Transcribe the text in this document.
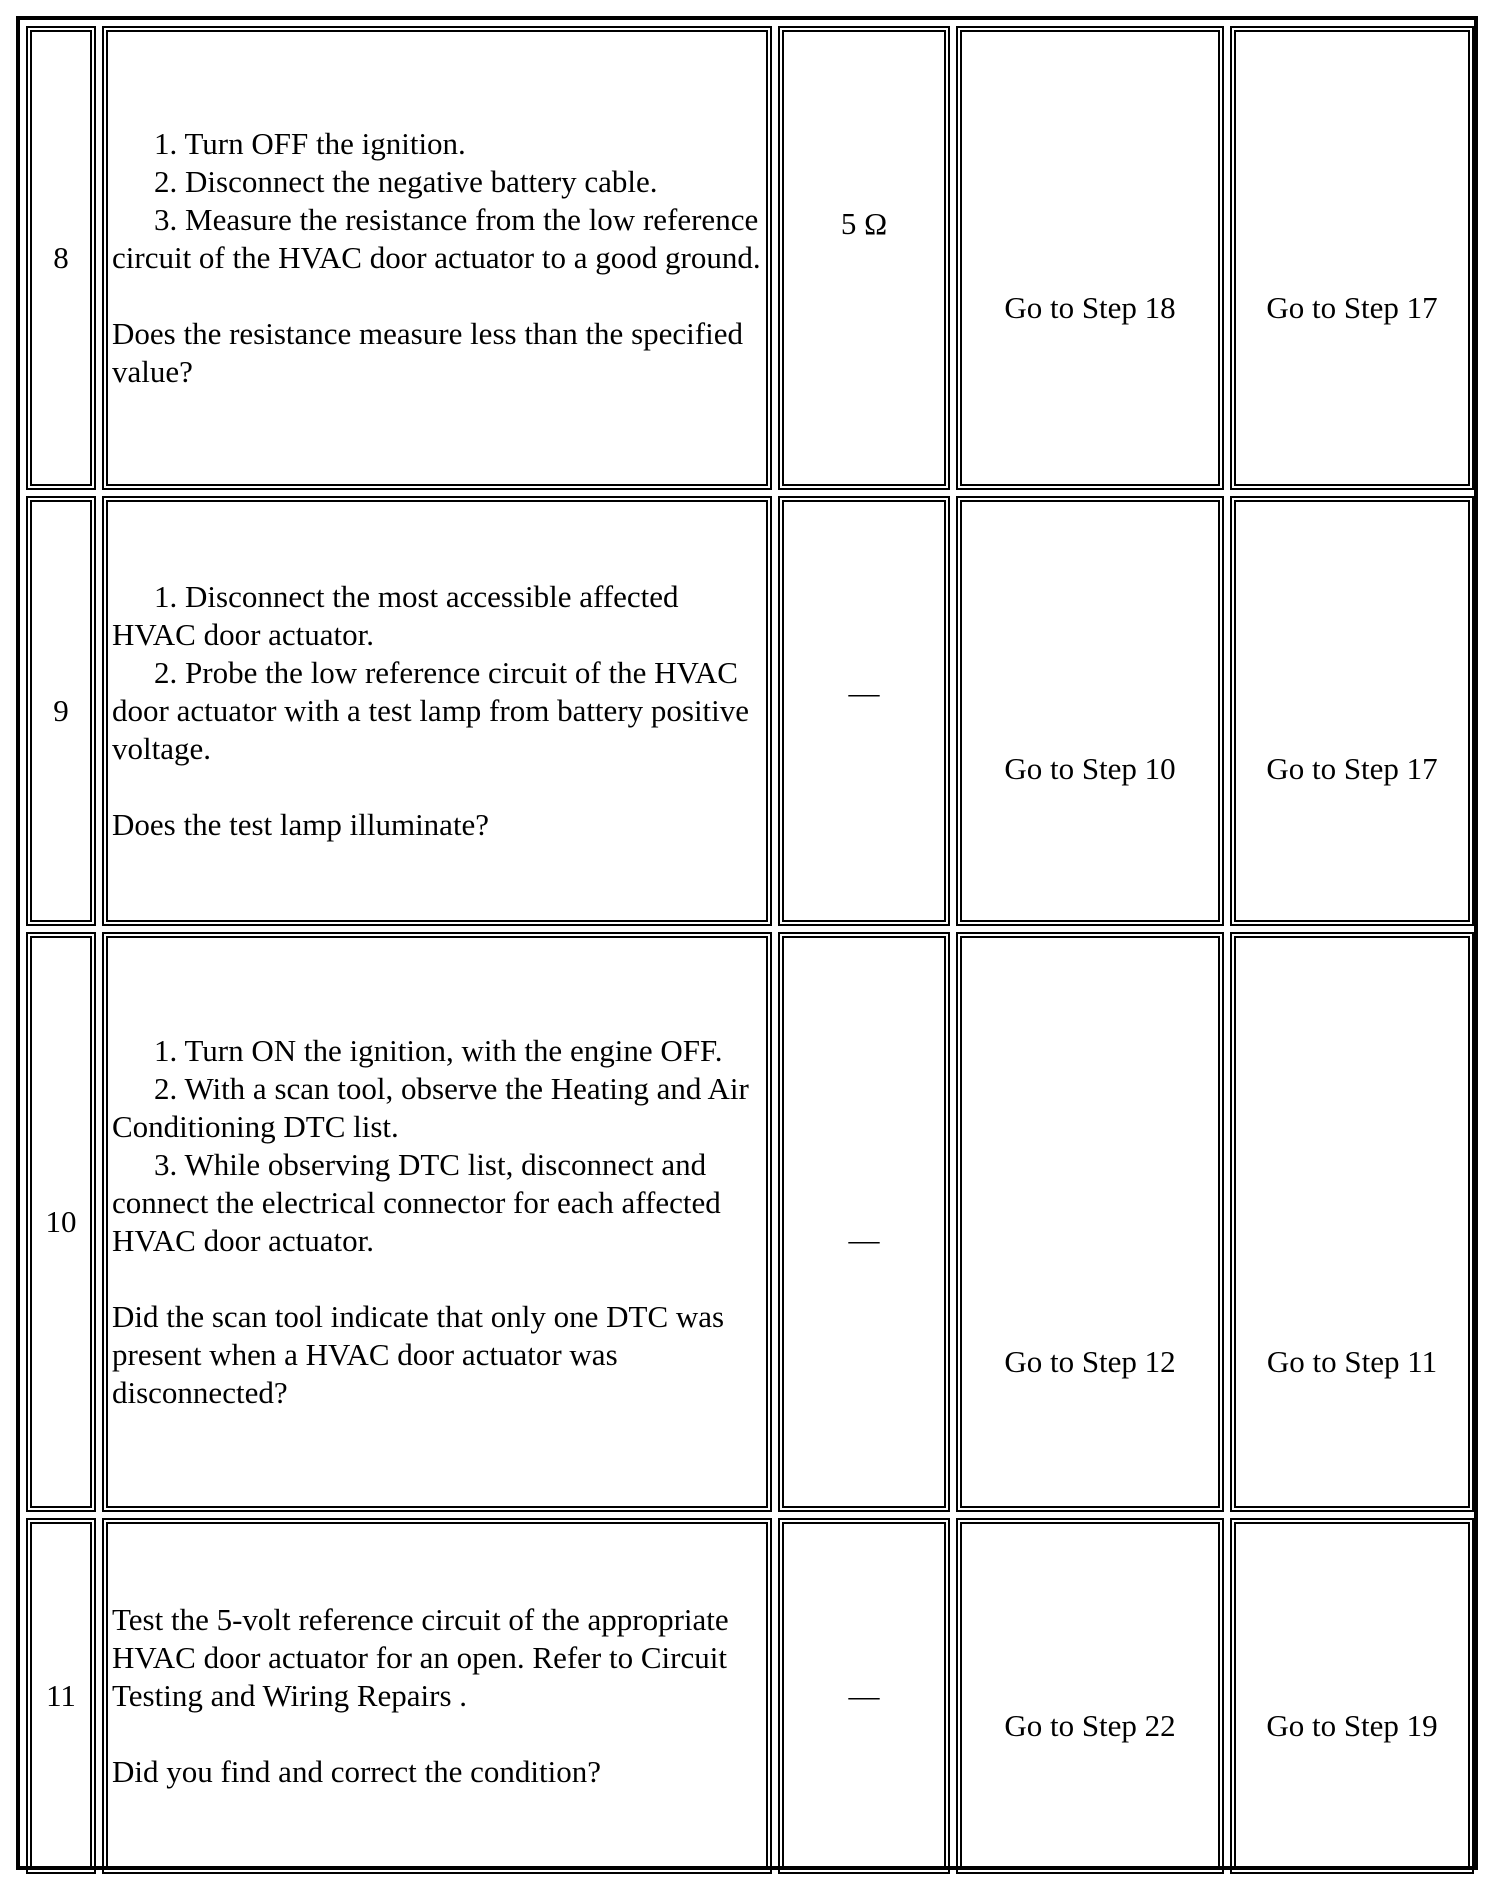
8	1. Turn OFF the ignition.
2. Disconnect the negative battery cable.
3. Measure the resistance from the low reference circuit of the HVAC door actuator to a good ground.
Does the resistance measure less than the specified value?	5 Ω	Go to Step 18	Go to Step 17
9	1. Disconnect the most accessible affected HVAC door actuator.
2. Probe the low reference circuit of the HVAC door actuator with a test lamp from battery positive voltage.
Does the test lamp illuminate?	—	Go to Step 10	Go to Step 17
10	1. Turn ON the ignition, with the engine OFF.
2. With a scan tool, observe the Heating and Air Conditioning DTC list.
3. While observing DTC list, disconnect and connect the electrical connector for each affected HVAC door actuator.
Did the scan tool indicate that only one DTC was present when a HVAC door actuator was disconnected?	—	Go to Step 12	Go to Step 11
11	Test the 5-volt reference circuit of the appropriate HVAC door actuator for an open. Refer to Circuit Testing and Wiring Repairs .
Did you find and correct the condition?	—	Go to Step 22	Go to Step 19
